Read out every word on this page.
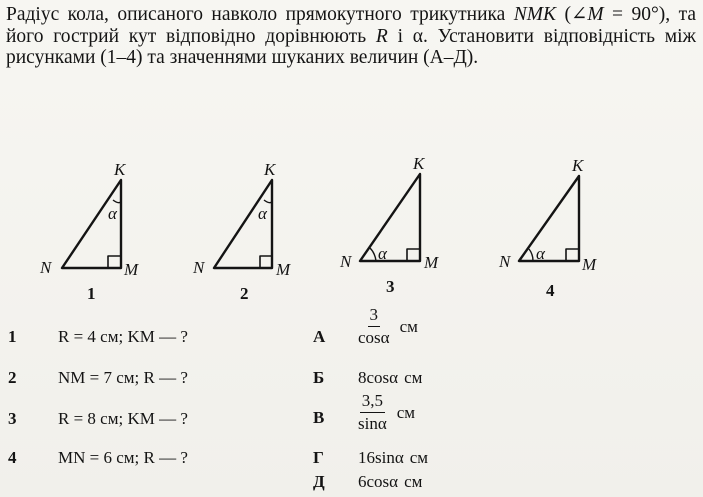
Радіус кола, описаного навколо прямокутного трикутника NMK (∠M = 90°), та його гострий кут відповідно дорівнюють R і α. Установити відповідність між рисунками (1–4) та значеннями шуканих величин (А–Д).
K
N	M
α
1
K
N	M
α
2
K
N	M
α
3
K
N	M
α
4
1 R = 4 см; KM — ?
2 NM = 7 см; R — ?
3 R = 8 см; KM — ?
4 MN = 6 см; R — ?
А $\frac{3}{\cos\alpha}$ см
Б 8cosα см
В $\frac{3,5}{\sin\alpha}$ см
Г 16sinα см
Д 6cosα см
